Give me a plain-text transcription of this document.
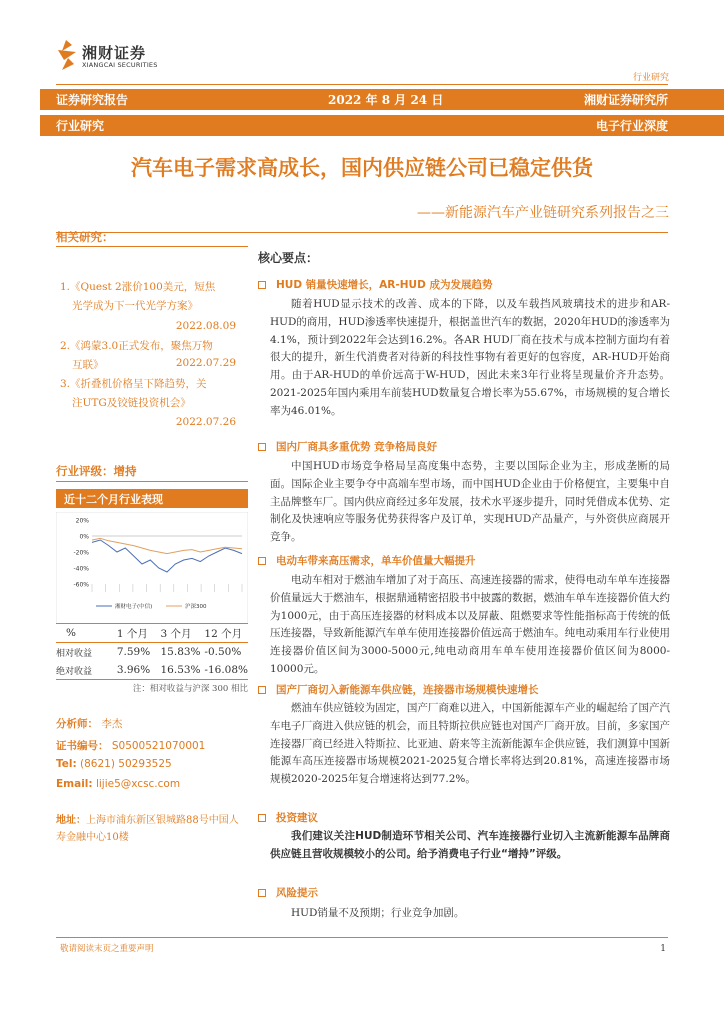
湘财证券
XIANGCAI SECURITIES
行业研究
证券研究报告	2022 年 8 月 24 日	湘财证券研究所
行业研究	电子行业深度
汽车电子需求高成长，国内供应链公司已稳定供货
——新能源汽车产业链研究系列报告之三
相关研究：
1.《Quest 2涨价100美元，短焦
光学成为下一代光学方案》
2022.08.09
2.《鸿蒙3.0正式发布，聚焦万物
互联》	2022.07.29
3.《折叠机价格呈下降趋势，关
注UTG及铰链投资机会》
2022.07.26
行业评级：增持
近十二个月行业表现
20%
0%
-20%
-40%
-60%
湘财电子(中信)	沪深300
%	1 个月	3 个月	12 个月
相对收益	7.59%	15.83%	-0.50%
绝对收益	3.96%	16.53%	-16.08%
注：相对收益与沪深 300 相比
分析师： 李杰
证书编号： S0500521070001
Tel: (8621) 50293525
Email: lijie5@xcsc.com
地址：上海市浦东新区银城路88号中国人寿金融中心10楼
核心要点：
HUD 销量快速增长，AR-HUD 成为发展趋势
随着HUD显示技术的改善、成本的下降，以及车载挡风玻璃技术的进步和AR-HUD的商用，HUD渗透率快速提升，根据盖世汽车的数据，2020年HUD的渗透率为4.1%，预计到2022年会达到16.2%。各AR HUD厂商在技术与成本控制方面均有着很大的提升，新生代消费者对待新的科技性事物有着更好的包容度，AR-HUD开始商用。由于AR-HUD的单价远高于W-HUD，因此未来3年行业将呈现量价齐升态势。2021-2025年国内乘用车前装HUD数量复合增长率为55.67%，市场规模的复合增长率为46.01%。
国内厂商具多重优势 竞争格局良好
中国HUD市场竞争格局呈高度集中态势，主要以国际企业为主，形成垄断的局面。国际企业主要争夺中高端车型市场，而中国HUD企业由于价格便宜，主要集中自主品牌整车厂。国内供应商经过多年发展，技术水平逐步提升，同时凭借成本优势、定制化及快速响应等服务优势获得客户及订单，实现HUD产品量产，与外资供应商展开竞争。
电动车带来高压需求，单车价值量大幅提升
电动车相对于燃油车增加了对于高压、高速连接器的需求，使得电动车单车连接器价值量远大于燃油车，根据鼎通精密招股书中披露的数据，燃油车单车连接器价值大约为1000元，由于高压连接器的材料成本以及屏蔽、阻燃要求等性能指标高于传统的低压连接器，导致新能源汽车单车使用连接器价值远高于燃油车。纯电动乘用车行业使用连接器价值区间为3000-5000元,纯电动商用车单车使用连接器价值区间为8000-10000元。
国产厂商切入新能源车供应链，连接器市场规模快速增长
燃油车供应链较为固定，国产厂商难以进入，中国新能源车产业的崛起给了国产汽车电子厂商进入供应链的机会，而且特斯拉供应链也对国产厂商开放。目前，多家国产连接器厂商已经进入特斯拉、比亚迪、蔚来等主流新能源车企供应链，我们测算中国新能源车高压连接器市场规模2021-2025复合增长率将达到20.81%，高速连接器市场规模2020-2025年复合增速将达到77.2%。
投资建议
我们建议关注HUD制造环节相关公司、汽车连接器行业切入主流新能源车品牌商供应链且营收规模较小的公司。给予消费电子行业“增持”评级。
风险提示
HUD销量不及预期；行业竞争加剧。
敬请阅读末页之重要声明	1
